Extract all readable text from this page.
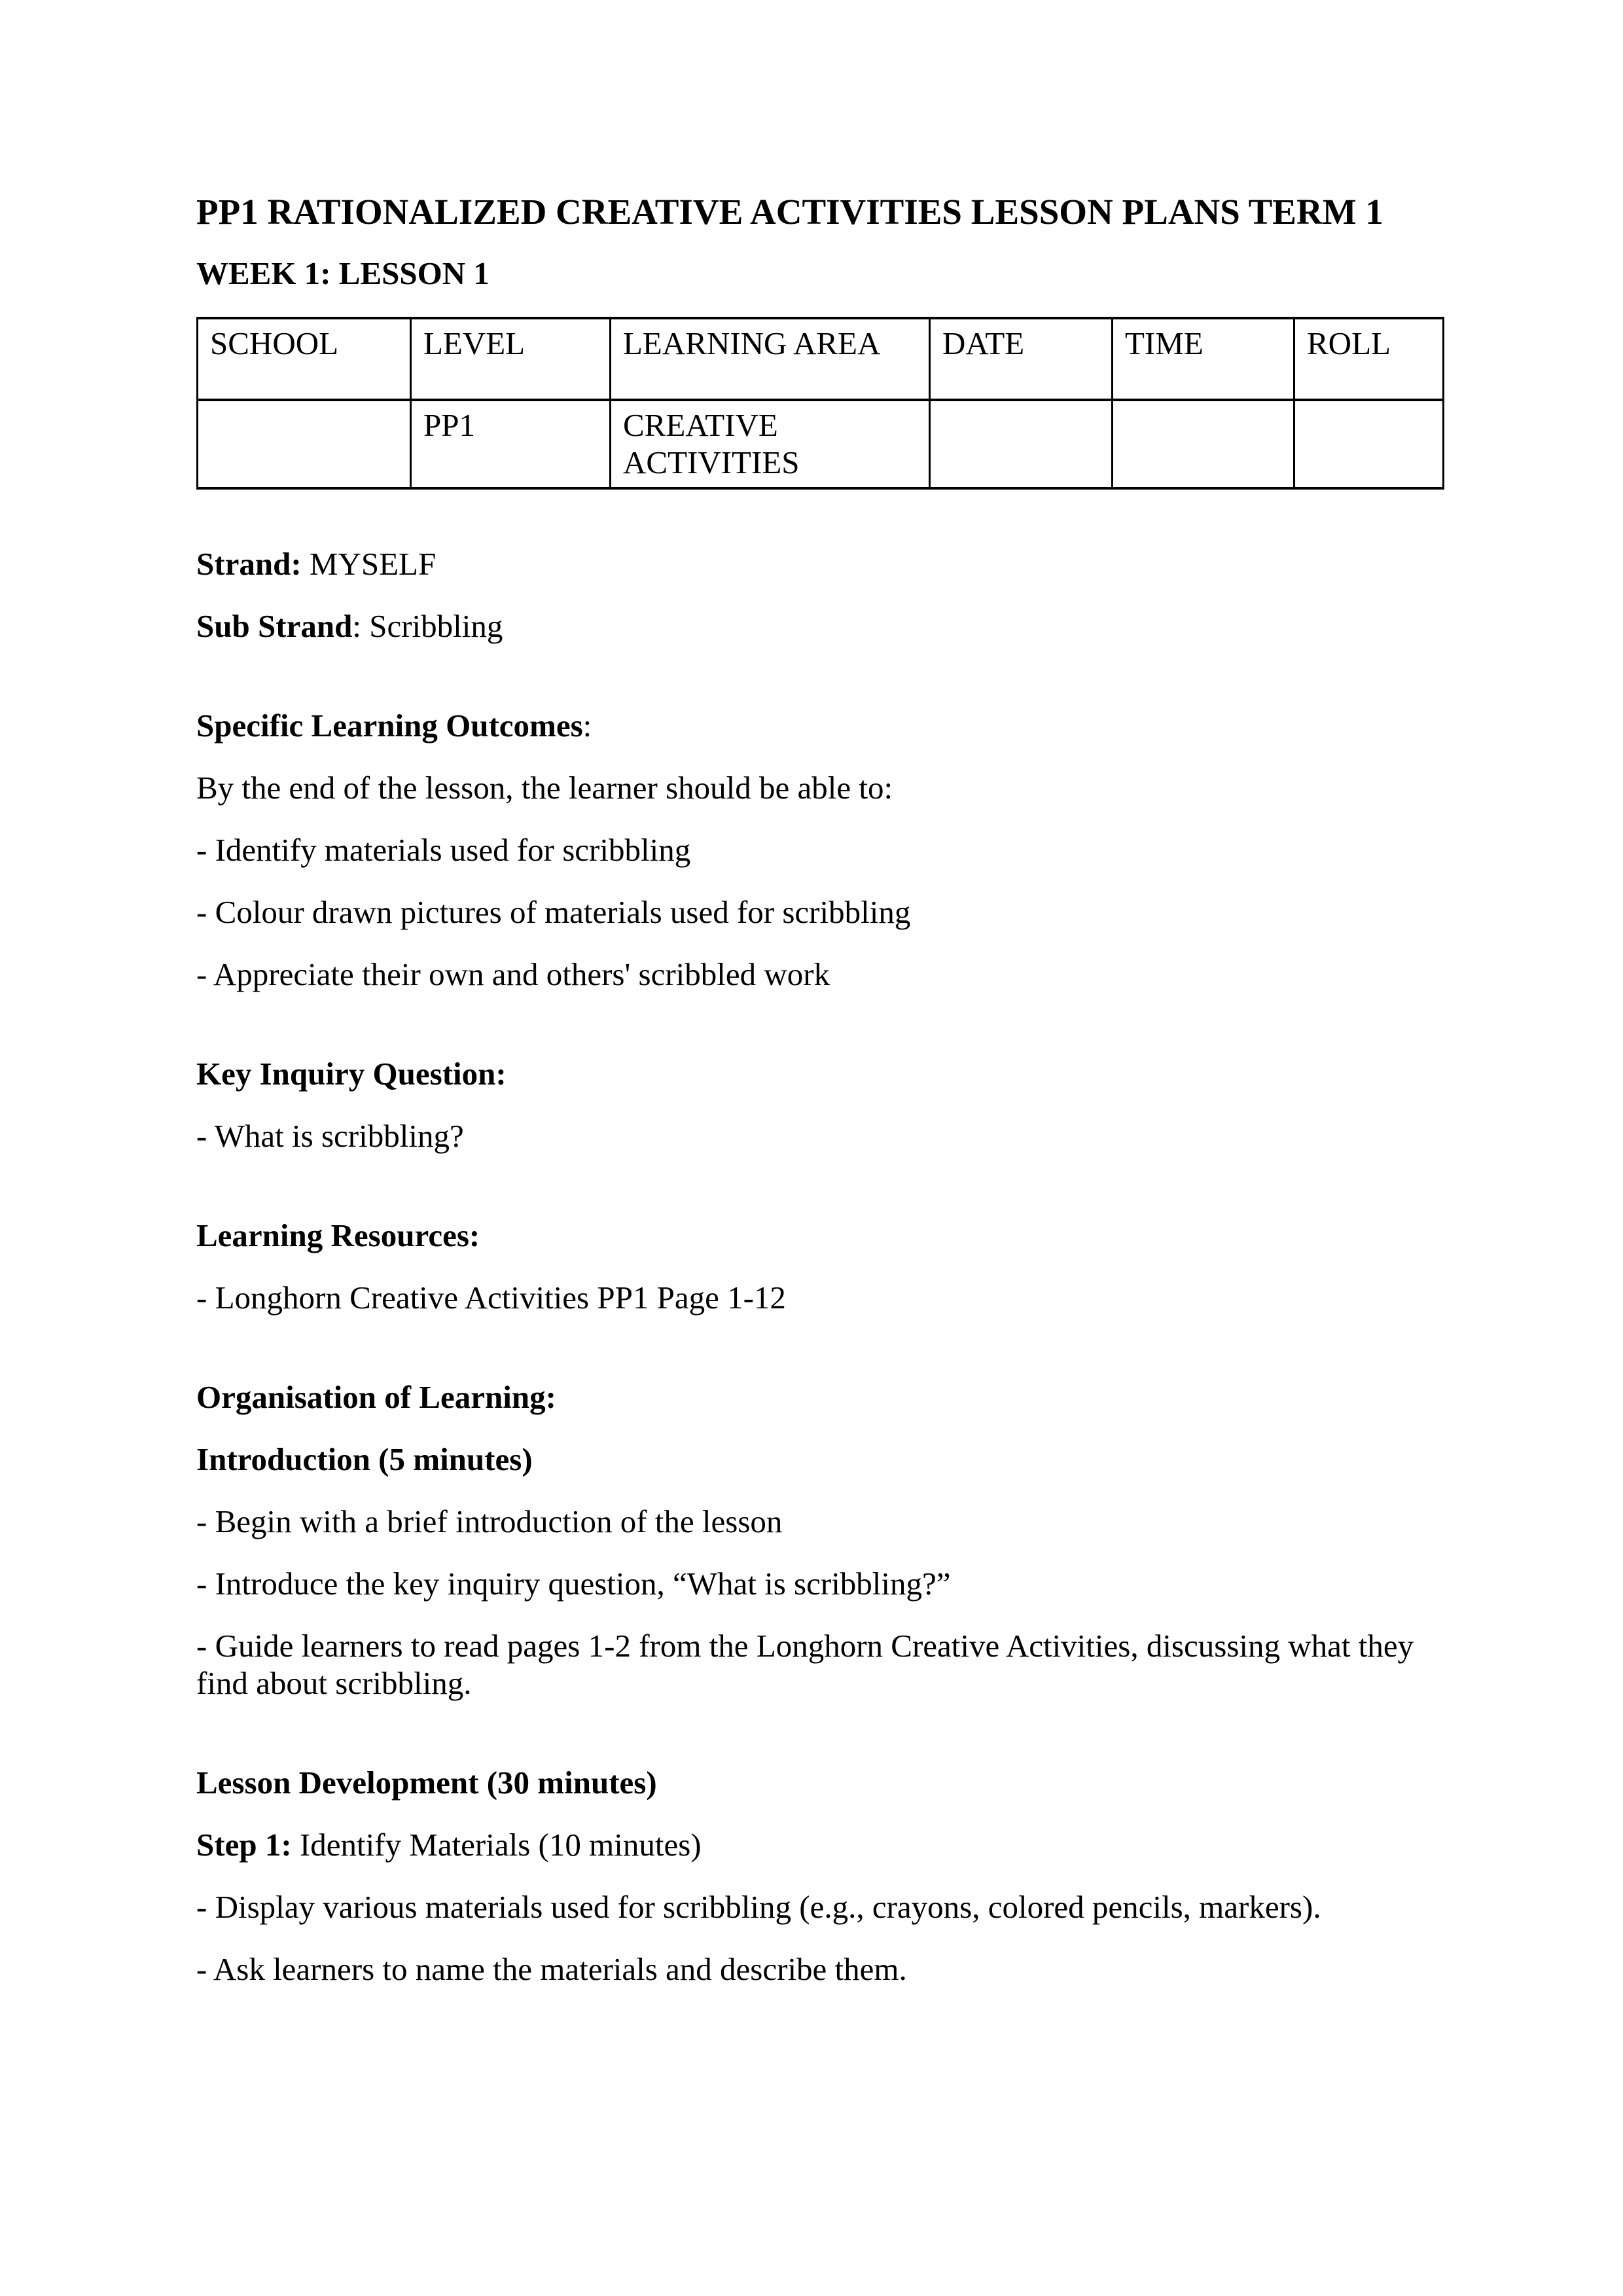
PP1 RATIONALIZED CREATIVE ACTIVITIES LESSON PLANS TERM 1

WEEK 1: LESSON 1

SCHOOL	LEVEL	LEARNING AREA	DATE	TIME	ROLL
	PP1	CREATIVE ACTIVITIES			

Strand: MYSELF

Sub Strand: Scribbling

Specific Learning Outcomes:

By the end of the lesson, the learner should be able to:

- Identify materials used for scribbling

- Colour drawn pictures of materials used for scribbling

- Appreciate their own and others' scribbled work

Key Inquiry Question:

- What is scribbling?

Learning Resources:

- Longhorn Creative Activities PP1 Page 1-12

Organisation of Learning:

Introduction (5 minutes)

- Begin with a brief introduction of the lesson

- Introduce the key inquiry question, “What is scribbling?”

- Guide learners to read pages 1-2 from the Longhorn Creative Activities, discussing what they find about scribbling.

Lesson Development (30 minutes)

Step 1: Identify Materials (10 minutes)

- Display various materials used for scribbling (e.g., crayons, colored pencils, markers).

- Ask learners to name the materials and describe them.
